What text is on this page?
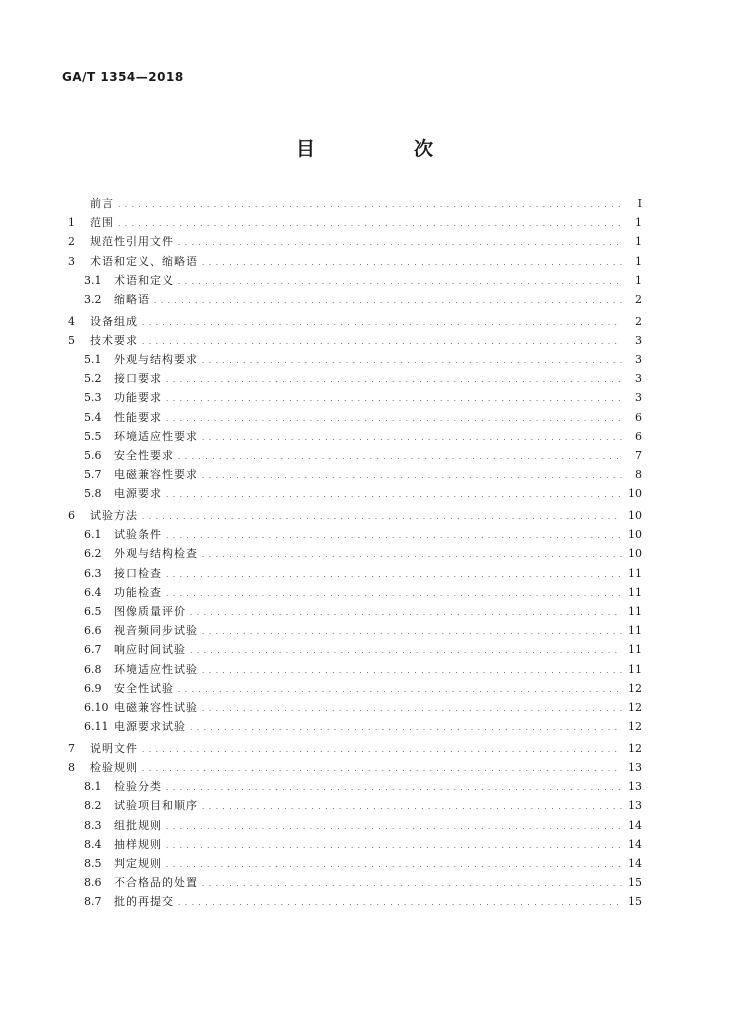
GA/T 1354—2018
目　次
前言 . . .	I
1	范围 . . .	1
2	规范性引用文件 . . .	1
3	术语和定义、缩略语 . . .	1
3.1	术语和定义 . . .	1
3.2	缩略语 . . .	2
4	设备组成 . . .	2
5	技术要求 . . .	3
5.1	外观与结构要求 . . .	3
5.2	接口要求 . . .	3
5.3	功能要求 . . .	3
5.4	性能要求 . . .	6
5.5	环境适应性要求 . . .	6
5.6	安全性要求 . . .	7
5.7	电磁兼容性要求 . . .	8
5.8	电源要求 . . .	10
6	试验方法 . . .	10
6.1	试验条件 . . .	10
6.2	外观与结构检查 . . .	10
6.3	接口检查 . . .	11
6.4	功能检查 . . .	11
6.5	图像质量评价 . . .	11
6.6	视音频同步试验 . . .	11
6.7	响应时间试验 . . .	11
6.8	环境适应性试验 . . .	11
6.9	安全性试验 . . .	12
6.10 电磁兼容性试验 . . .	12
6.11 电源要求试验 . . .	12
7	说明文件 . . .	12
8	检验规则 . . .	13
8.1	检验分类 . . .	13
8.2	试验项目和顺序 . . .	13
8.3	组批规则 . . .	14
8.4	抽样规则 . . .	14
8.5	判定规则 . . .	14
8.6	不合格品的处置 . . .	15
8.7	批的再提交 . . .	15
